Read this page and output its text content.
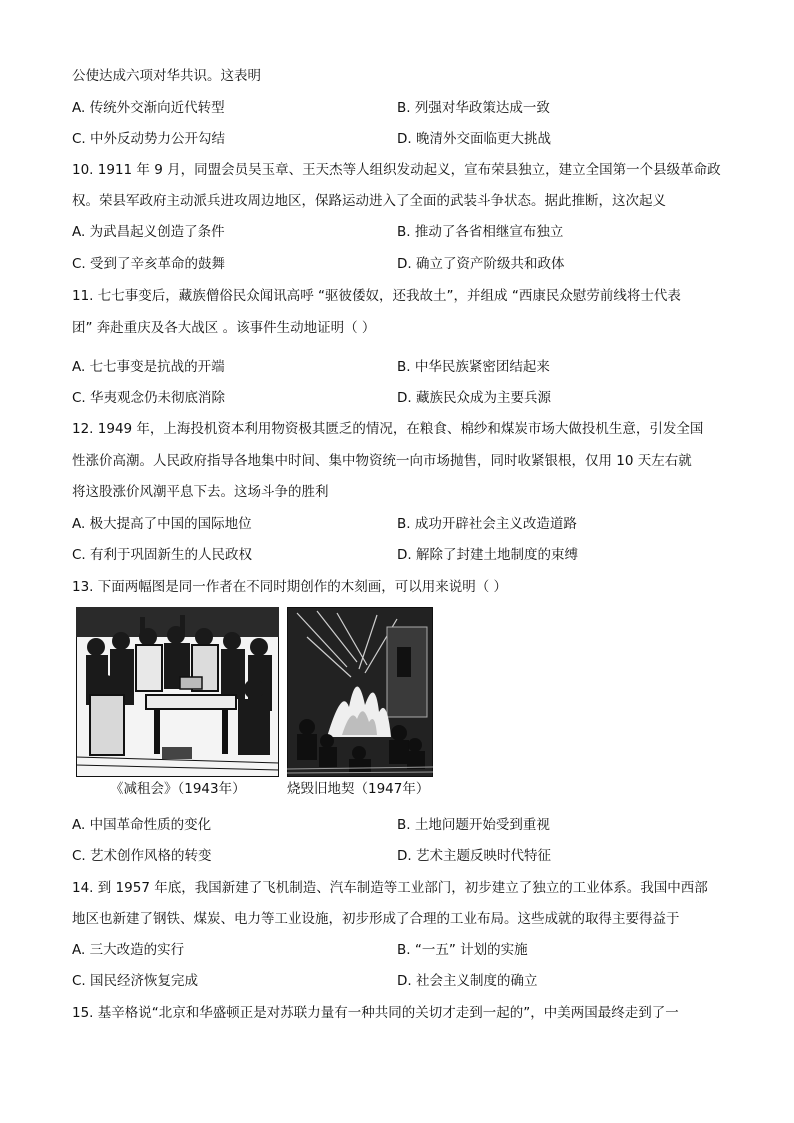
公使达成六项对华共识。这表明
A. 传统外交渐向近代转型	B. 列强对华政策达成一致
C. 中外反动势力公开勾结	D. 晚清外交面临更大挑战
10. 1911 年 9 月，同盟会员吴玉章、王天杰等人组织发动起义，宣布荣县独立，建立全国第一个县级革命政
权。荣县军政府主动派兵进攻周边地区，保路运动进入了全面的武装斗争状态。据此推断，这次起义
A. 为武昌起义创造了条件	B. 推动了各省相继宣布独立
C. 受到了辛亥革命的鼓舞	D. 确立了资产阶级共和政体
11. 七七事变后，藏族僧俗民众闻讯高呼 “驱彼倭奴，还我故土”，并组成 “西康民众慰劳前线将士代表
团” 奔赴重庆及各大战区 。该事件生动地证明（ ）
A. 七七事变是抗战的开端	B. 中华民族紧密团结起来
C. 华夷观念仍未彻底消除	D. 藏族民众成为主要兵源
12. 1949 年，上海投机资本利用物资极其匮乏的情况，在粮食、棉纱和煤炭市场大做投机生意，引发全国
性涨价高潮。人民政府指导各地集中时间、集中物资统一向市场抛售，同时收紧银根，仅用 10 天左右就
将这股涨价风潮平息下去。这场斗争的胜利
A. 极大提高了中国的国际地位	B. 成功开辟社会主义改造道路
C. 有利于巩固新生的人民政权	D. 解除了封建土地制度的束缚
13. 下面两幅图是同一作者在不同时期创作的木刻画，可以用来说明（ ）
《减租会》（1943年）	烧毁旧地契（1947年）
A. 中国革命性质的变化	B. 土地问题开始受到重视
C. 艺术创作风格的转变	D. 艺术主题反映时代特征
14. 到 1957 年底，我国新建了飞机制造、汽车制造等工业部门，初步建立了独立的工业体系。我国中西部
地区也新建了钢铁、煤炭、电力等工业设施，初步形成了合理的工业布局。这些成就的取得主要得益于
A. 三大改造的实行	B. “一五” 计划的实施
C. 国民经济恢复完成	D. 社会主义制度的确立
15. 基辛格说“北京和华盛顿正是对苏联力量有一种共同的关切才走到一起的”，中美两国最终走到了一
